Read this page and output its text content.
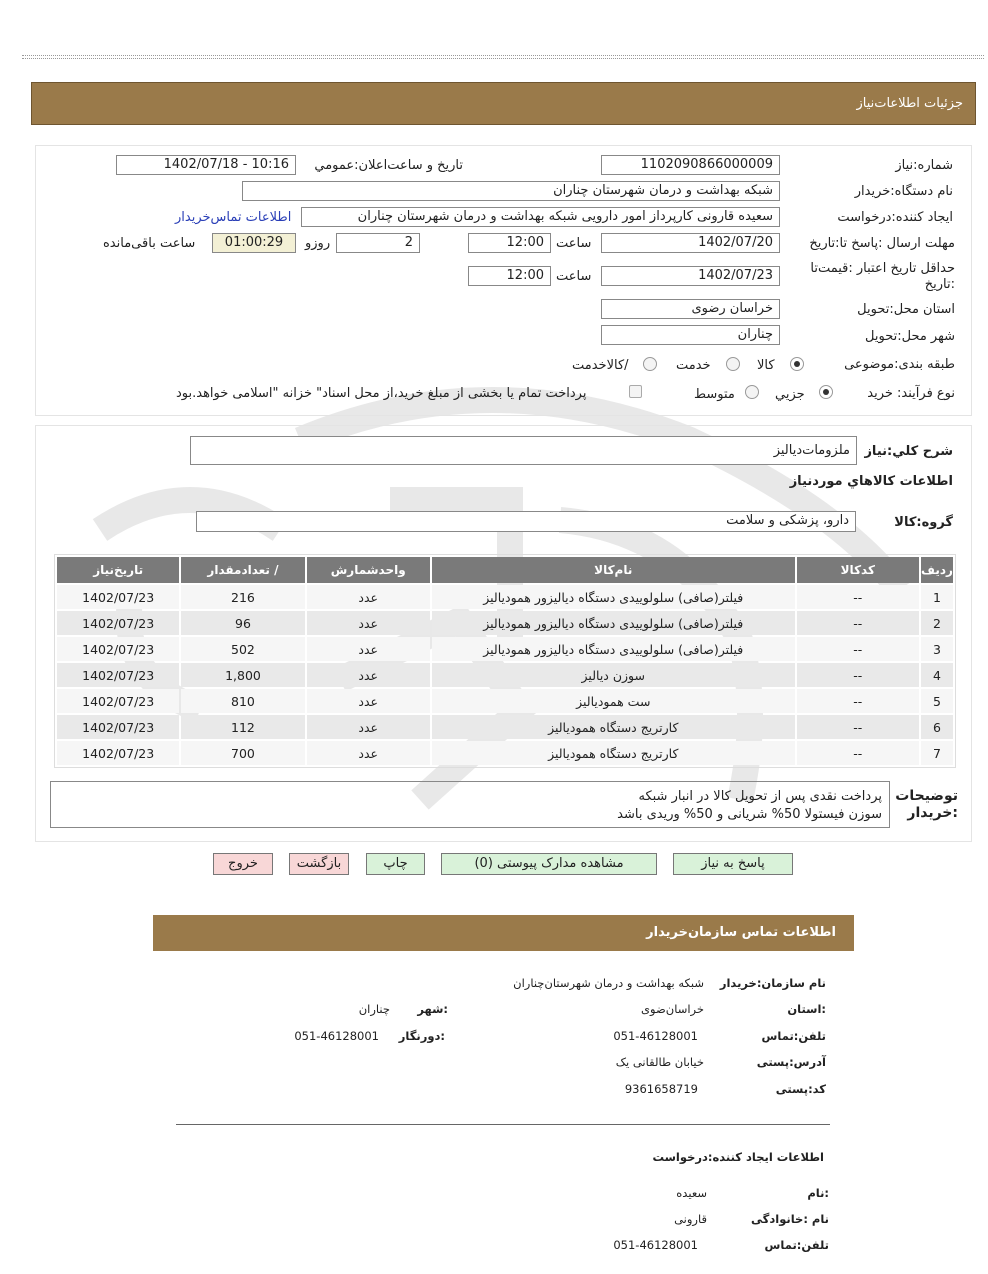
جزئیات اطلاعات‌نیاز
شماره:نیاز
1102090866000009
تاریخ و ساعت‌اعلان:عمومي
1402/07/18 - 10:16
نام دستگاه:خریدار
شبکه بهداشت و درمان شهرستان چناران
ایجاد کننده:درخواست
سعیده قارونی کارپرداز امور دارویی شبکه بهداشت و درمان شهرستان چناران
اطلاعات تماس‌خریدار
مهلت ارسال :پاسخ تا:تاریخ
1402/07/20
ساعت
12:00
2
روزو
01:00:29
ساعت باقی‌مانده
حداقل تاریخ اعتبار :قیمت‌تا :تاریخ
1402/07/23
ساعت
12:00
استان محل:تحویل
خراسان رضوی
شهر محل:تحویل
چناران
طبقه بندی:موضوعی
کالا
خدمت
/کالاخدمت
نوع فرآیند: خرید
جزیي
متوسط
پرداخت تمام یا بخشی از مبلغ خرید،از محل اسناد" خزانه "اسلامی خواهد.بود
شرح کلي:نیاز
ملزومات‌دیالیز
اطلاعات کالاهاي مورد‌نیاز
گروه:کالا
دارو، پزشکی و سلامت
ردیف	کدکالا	نام‌کالا	واحدشمارش	/ تعدادمقدار	تاریخ‌نیاز
1	--	فیلتر(صافی) سلولوییدی دستگاه دیالیزور همودیالیز	عدد	216	1402/07/23
2	--	فیلتر(صافی) سلولوییدی دستگاه دیالیزور همودیالیز	عدد	96	1402/07/23
3	--	فیلتر(صافی) سلولوییدی دستگاه دیالیزور همودیالیز	عدد	502	1402/07/23
4	--	سوزن دیالیز	عدد	1,800	1402/07/23
5	--	ست همودیالیز	عدد	810	1402/07/23
6	--	کارتریج دستگاه همودیالیز	عدد	112	1402/07/23
7	--	کارتریج دستگاه همودیالیز	عدد	700	1402/07/23
پرداخت نقدی پس از تحویل کالا در انبار شبکه
سوزن فیستولا 50% شریانی و 50% وریدی باشد
توضیحات :خریدار
پاسخ به نیاز
مشاهده مدارک پیوستی (0)
چاپ
بازگشت
خروج
اطلاعات تماس سازمان‌خریدار
نام سازمان:خریدار
شبکه بهداشت و درمان شهرستان‌چناران
:استان
خراسان‌ضوی
:شهر
چناران
تلفن:تماس
051-46128001
:دورنگار
051-46128001
آدرس:پستی
خیابان طالقانی یک
کد:پستی
9361658719
اطلاعات ایجاد کننده:درخواست
:نام
سعیده
نام :خانوادگی
قارونی
تلفن:تماس
051-46128001
